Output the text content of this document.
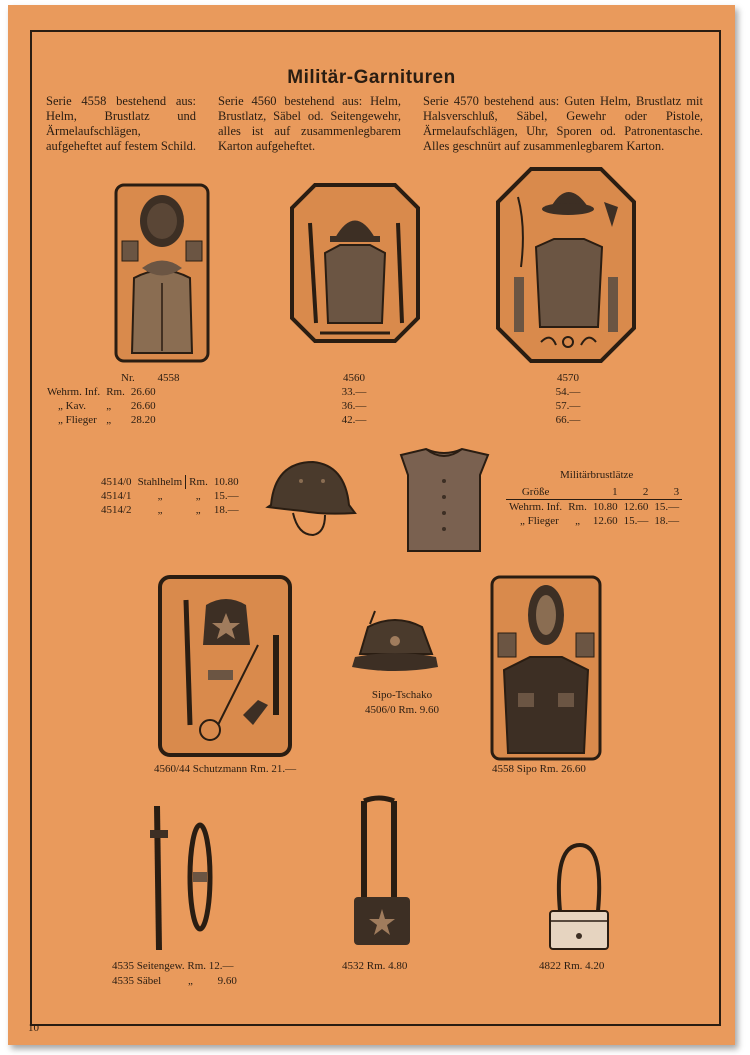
Militär-Garnituren
Serie 4558 bestehend aus: Helm, Brustlatz und Ärmelaufschlägen, aufgeheftet auf festem Schild.
Serie 4560 bestehend aus: Helm, Brustlatz, Säbel od. Seitengewehr, alles ist auf zusammenlegbarem Karton aufgeheftet.
Serie 4570 bestehend aus: Guten Helm, Brustlatz mit Halsverschluß, Säbel, Gewehr oder Pistole, Ärmelaufschlägen, Uhr, Sporen od. Patronentasche. Alles geschnürt auf zusammenlegbarem Karton.
Nr. 4558
Wehrm. Inf.	Rm.	26.60
„ Kav.	„	26.60
„ Flieger	„	28.20
4560
33.—
36.—
42.—
4570
54.—
57.—
66.—
4514/0	Stahlhelm	Rm.	10.80
4514/1	„	„	15.—
4514/2	„	„	18.—
Militärbrustlätze
Größe		1	2	3
Wehrm. Inf.	Rm.	10.80	12.60	15.—
„ Flieger	„	12.60	15.—	18.—
4560/44 Schutzmann Rm. 21.—
Sipo-Tschako
4506/0 Rm. 9.60
4558 Sipo Rm. 26.60
4535 Seitengew. Rm. 12.—
4535 Säbel „ 9.60
4532 Rm. 4.80	4822 Rm. 4.20
10
